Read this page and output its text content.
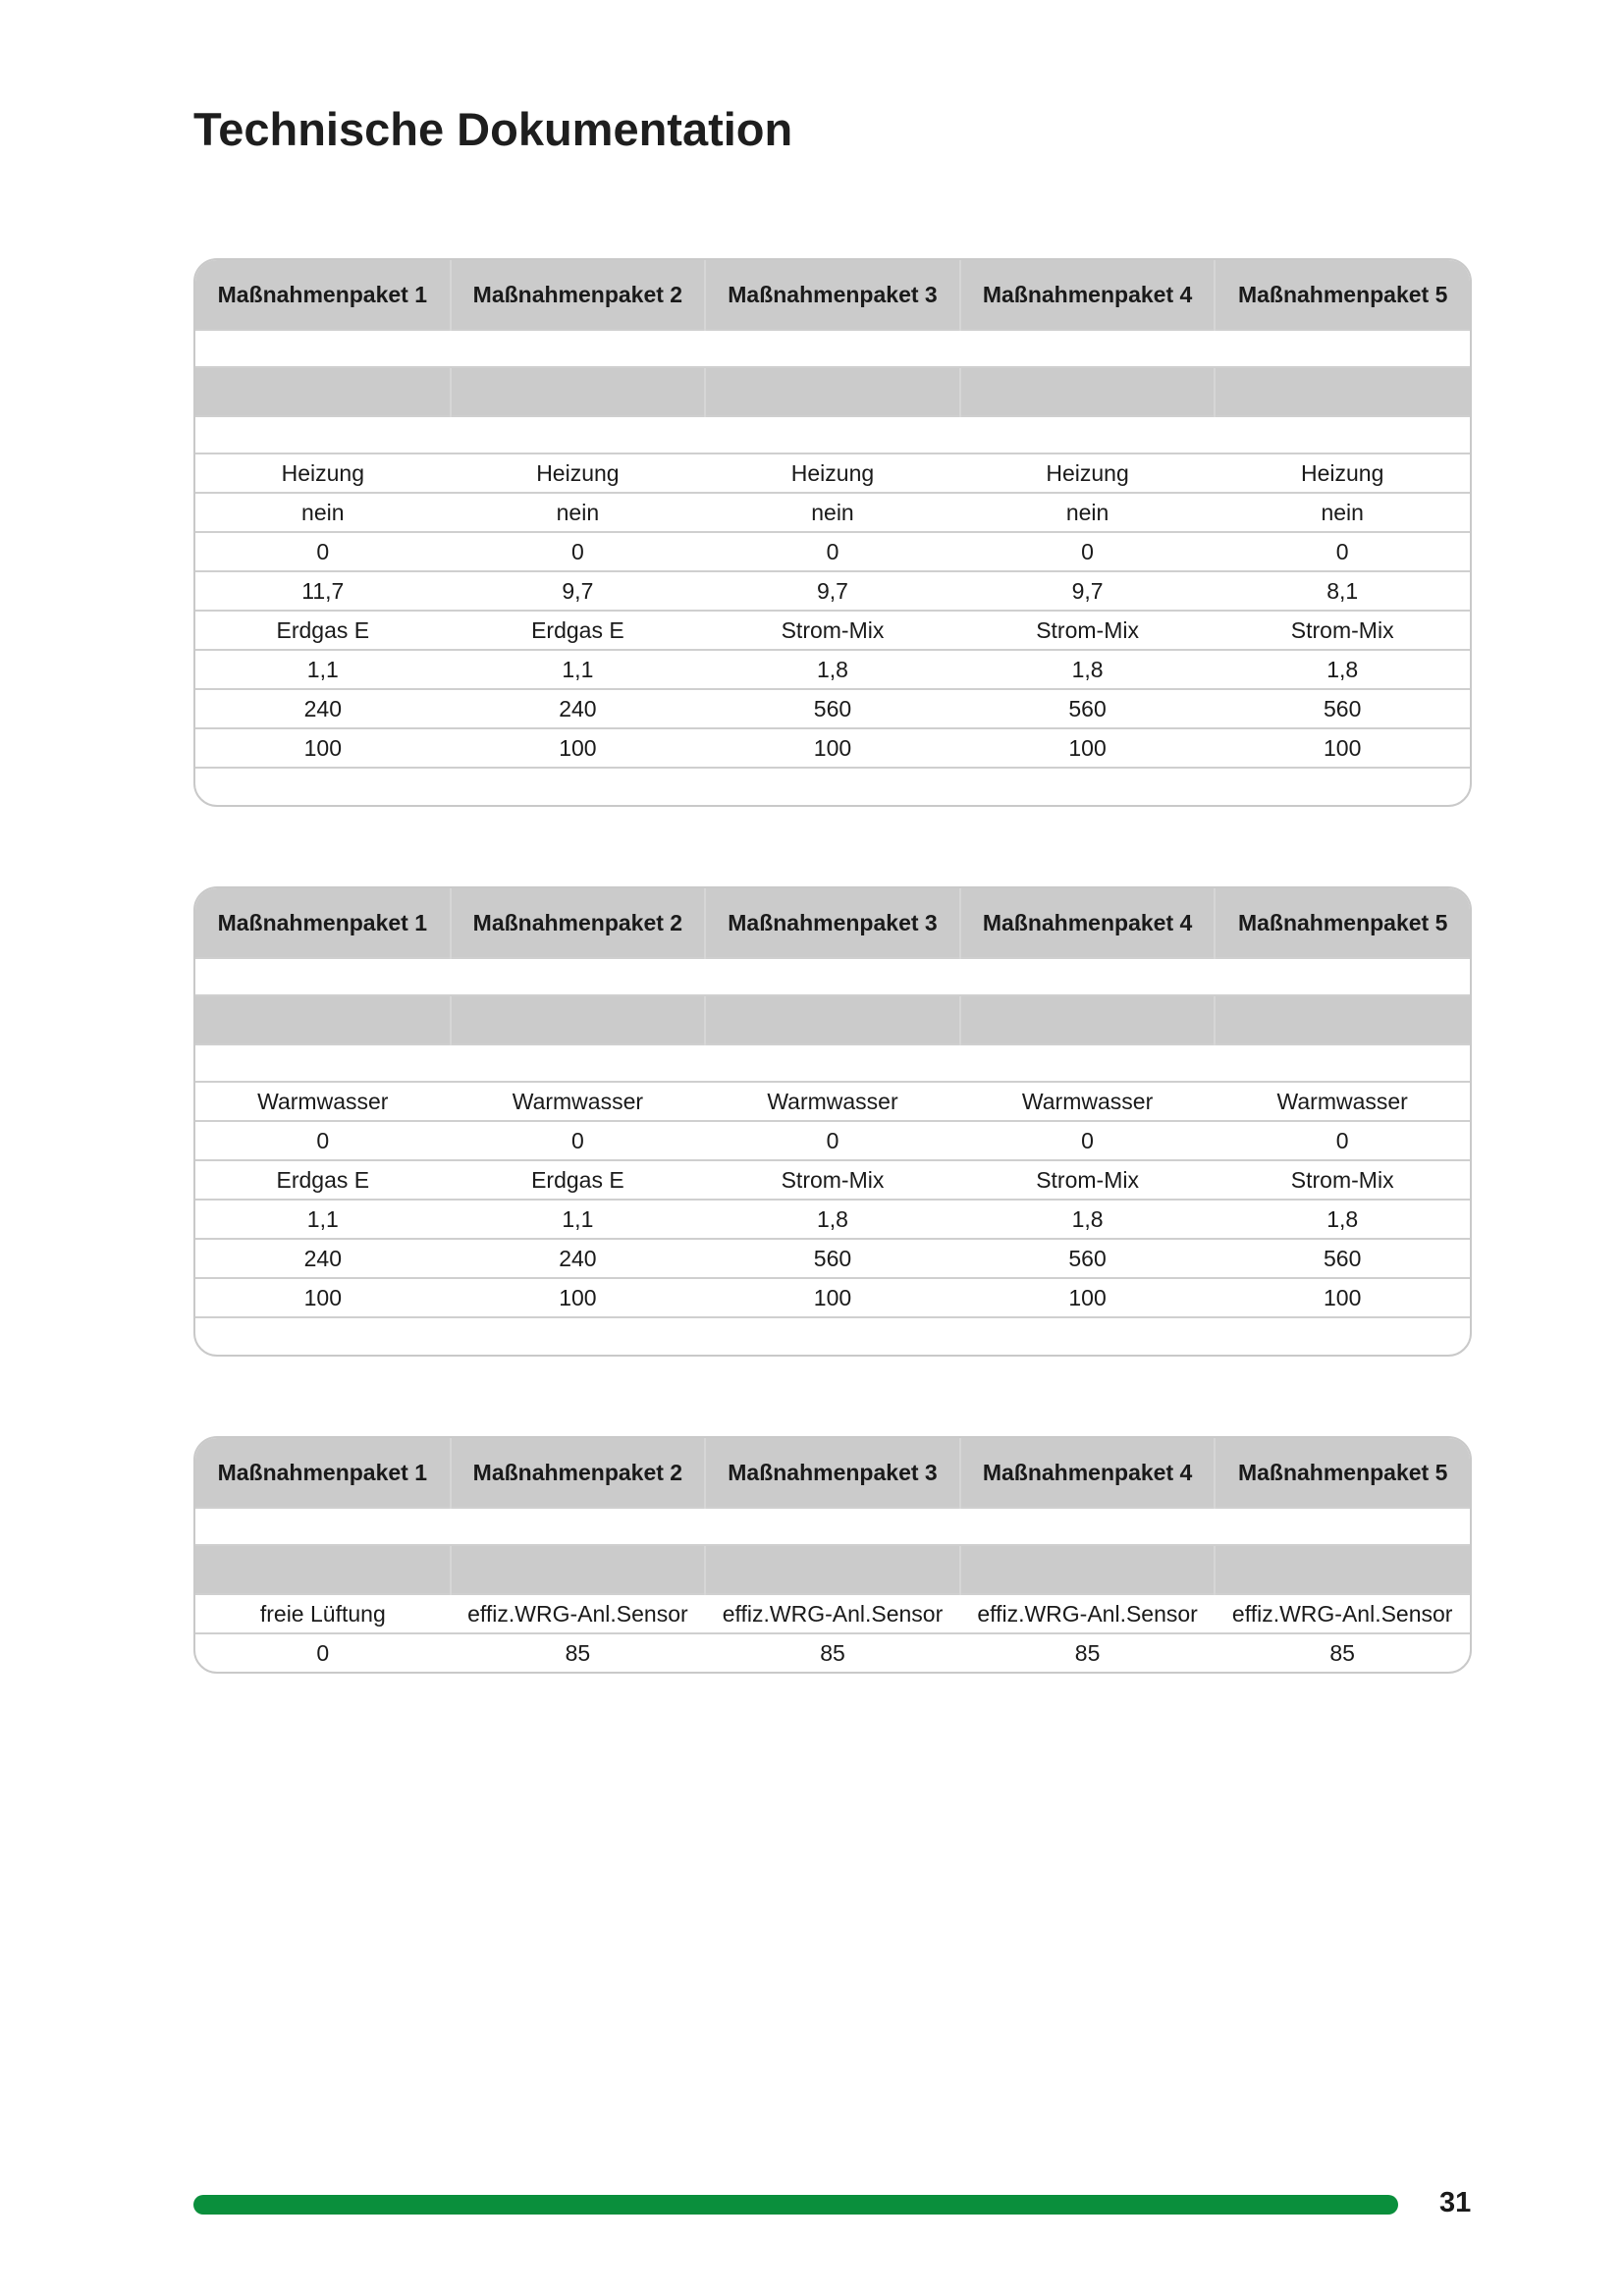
Technische Dokumentation
Maßnahmenpaket 1	Maßnahmenpaket 2	Maßnahmenpaket 3	Maßnahmenpaket 4	Maßnahmenpaket 5

Heizung	Heizung	Heizung	Heizung	Heizung
nein	nein	nein	nein	nein
0	0	0	0	0
11,7	9,7	9,7	9,7	8,1
Erdgas E	Erdgas E	Strom-Mix	Strom-Mix	Strom-Mix
1,1	1,1	1,8	1,8	1,8
240	240	560	560	560
100	100	100	100	100

Maßnahmenpaket 1	Maßnahmenpaket 2	Maßnahmenpaket 3	Maßnahmenpaket 4	Maßnahmenpaket 5

Warmwasser	Warmwasser	Warmwasser	Warmwasser	Warmwasser
0	0	0	0	0
Erdgas E	Erdgas E	Strom-Mix	Strom-Mix	Strom-Mix
1,1	1,1	1,8	1,8	1,8
240	240	560	560	560
100	100	100	100	100

Maßnahmenpaket 1	Maßnahmenpaket 2	Maßnahmenpaket 3	Maßnahmenpaket 4	Maßnahmenpaket 5

freie Lüftung	effiz.WRG-Anl.Sensor	effiz.WRG-Anl.Sensor	effiz.WRG-Anl.Sensor	effiz.WRG-Anl.Sensor
0	85	85	85	85
31
